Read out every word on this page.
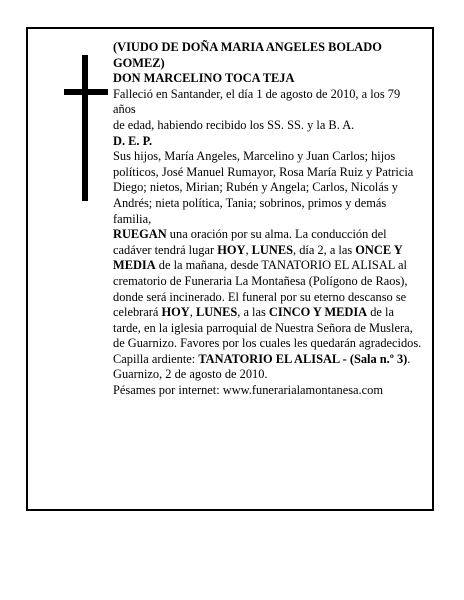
(VIUDO DE DOÑA MARIA ANGELES BOLADO GOMEZ)

DON MARCELINO TOCA TEJA

Falleció en Santander, el día 1 de agosto de 2010, a los 79 años

de edad, habiendo recibido los SS. SS. y la B. A.

D. E. P.

Sus hijos, María Angeles, Marcelino y Juan Carlos; hijos políticos, José Manuel Rumayor, Rosa María Ruiz y Patricia Diego; nietos, Mirian; Rubén y Angela; Carlos, Nicolás y Andrés; nieta política, Tania; sobrinos, primos y demás familia,

RUEGAN una oración por su alma. La conducción del cadáver tendrá lugar HOY, LUNES, día 2, a las ONCE Y MEDIA de la mañana, desde TANATORIO EL ALISAL al crematorio de Funeraria La Montañesa (Polígono de Raos), donde será incinerado. El funeral por su eterno descanso se celebrará HOY, LUNES, a las CINCO Y MEDIA de la tarde, en la iglesia parroquial de Nuestra Señora de Muslera, de Guarnizo. Favores por los cuales les quedarán agradecidos.

Capilla ardiente: TANATORIO EL ALISAL - (Sala n.º 3).

Guarnizo, 2 de agosto de 2010.

Pésames por internet: www.funerarialamontanesa.com
